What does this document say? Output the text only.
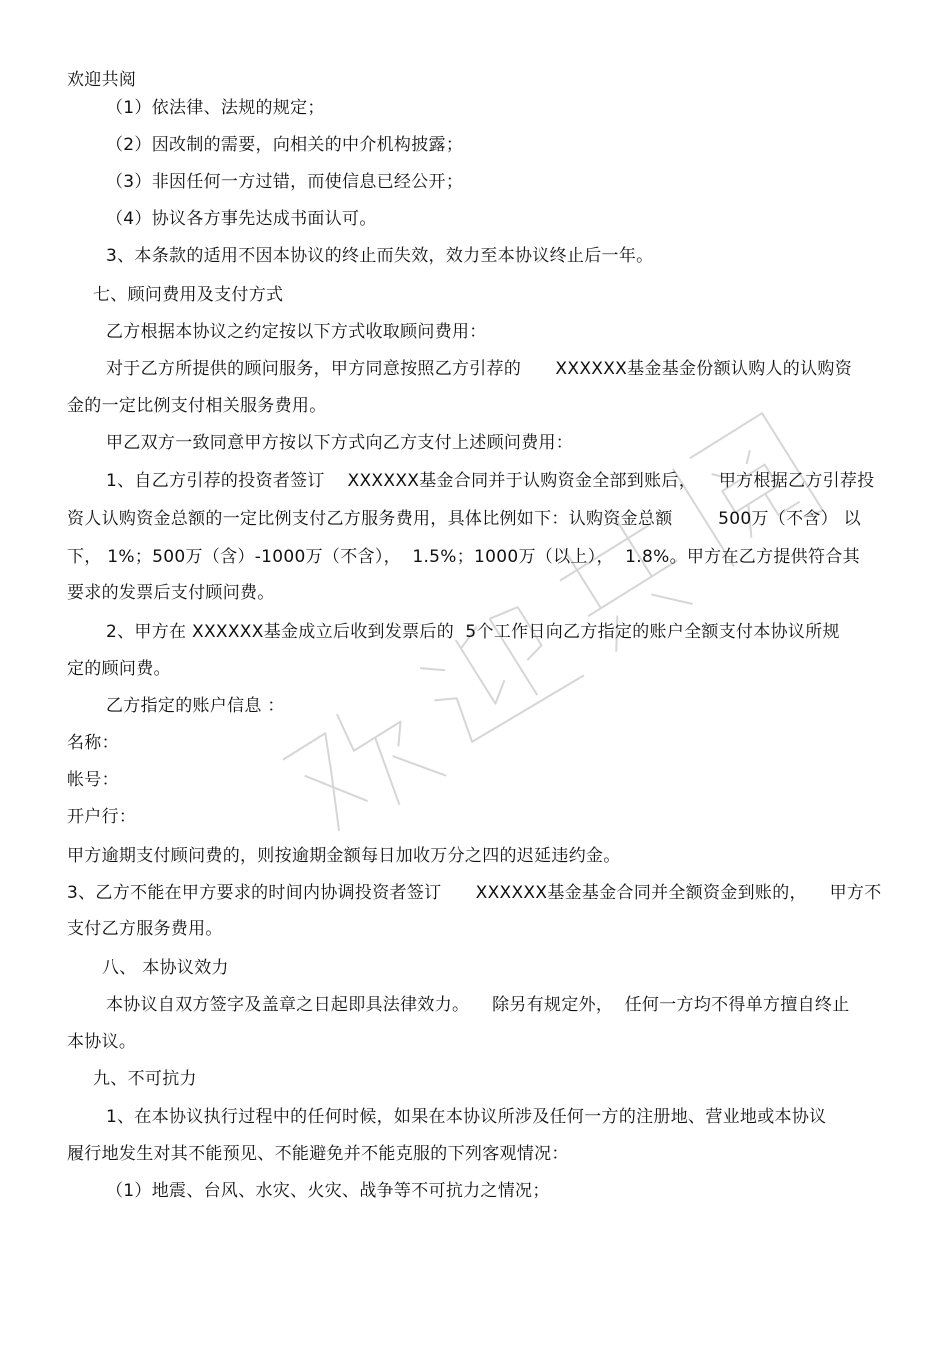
欢迎共阅
（1）依法律、法规的规定；
（2）因改制的需要，向相关的中介机构披露；
（3）非因任何一方过错，而使信息已经公开；
（4）协议各方事先达成书面认可。
3、本条款的适用不因本协议的终止而失效，效力至本协议终止后一年。
七、顾问费用及支付方式
乙方根据本协议之约定按以下方式收取顾问费用：
对于乙方所提供的顾问服务，甲方同意按照乙方引荐的      XXXXXX基金基金份额认购人的认购资
金的一定比例支付相关服务费用。
甲乙双方一致同意甲方按以下方式向乙方支付上述顾问费用：
1、自乙方引荐的投资者签订    XXXXXX基金合同并于认购资金全部到账后，    甲方根据乙方引荐投
资人认购资金总额的一定比例支付乙方服务费用，具体比例如下：认购资金总额        500万（不含） 以
下， 1%；500万（含）-1000万（不含），  1.5%；1000万（以上），  1.8%。甲方在乙方提供符合其
要求的发票后支付顾问费。
2、甲方在 XXXXXX基金成立后收到发票后的  5个工作日向乙方指定的账户全额支付本协议所规
定的顾问费。
乙方指定的账户信息 ：
名称：
帐号：
开户行：
甲方逾期支付顾问费的，则按逾期金额每日加收万分之四的迟延违约金。
3、乙方不能在甲方要求的时间内协调投资者签订      XXXXXX基金基金合同并全额资金到账的，    甲方不
支付乙方服务费用。
八、 本协议效力
本协议自双方签字及盖章之日起即具法律效力。    除另有规定外，  任何一方均不得单方擅自终止
本协议。
九、不可抗力
1、在本协议执行过程中的任何时候，如果在本协议所涉及任何一方的注册地、营业地或本协议
履行地发生对其不能预见、不能避免并不能克服的下列客观情况：
（1）地震、台风、水灾、火灾、战争等不可抗力之情况；
